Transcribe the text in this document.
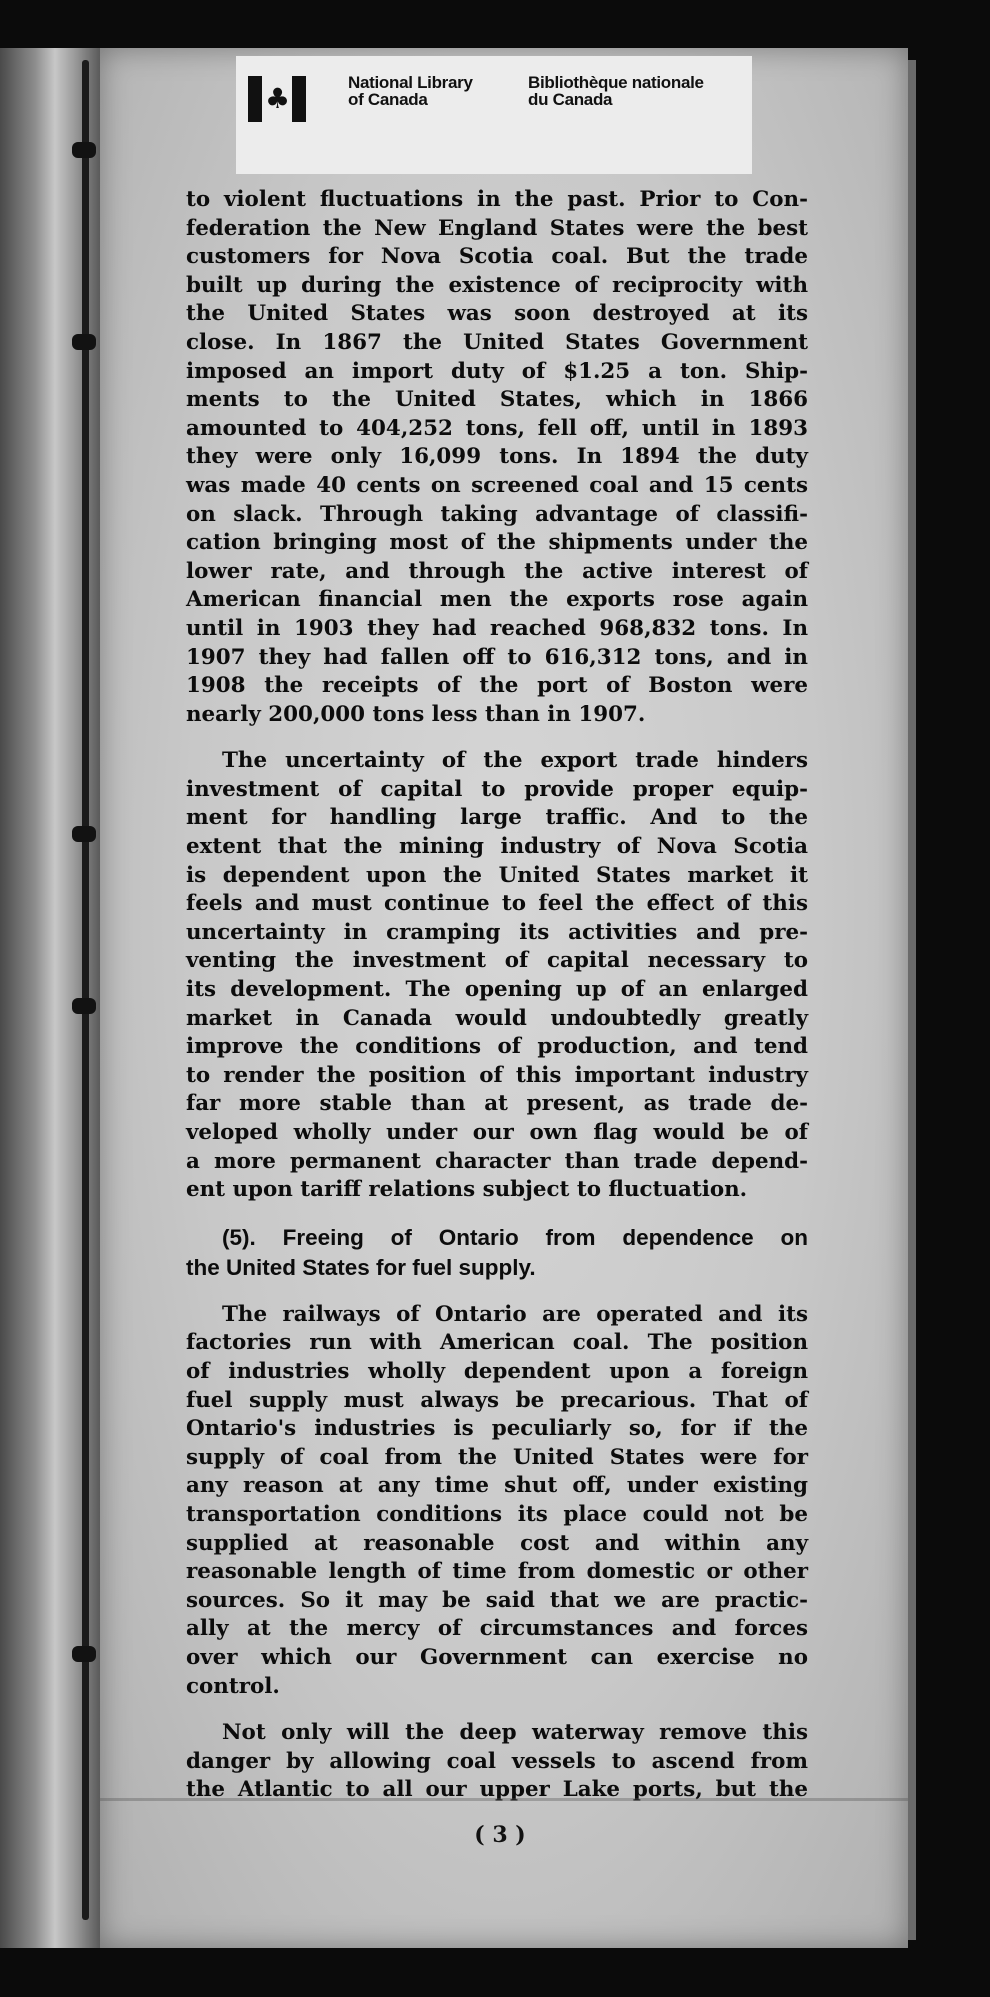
♣	National Library
of Canada
Bibliothèque nationale
du Canada
to violent fluctuations in the past. Prior to Con-
federation the New England States were the best
customers for Nova Scotia coal. But the trade
built up during the existence of reciprocity with
the United States was soon destroyed at its
close. In 1867 the United States Government
imposed an import duty of $1.25 a ton. Ship-
ments to the United States, which in 1866
amounted to 404,252 tons, fell off, until in 1893
they were only 16,099 tons. In 1894 the duty
was made 40 cents on screened coal and 15 cents
on slack. Through taking advantage of classifi-
cation bringing most of the shipments under the
lower rate, and through the active interest of
American financial men the exports rose again
until in 1903 they had reached 968,832 tons. In
1907 they had fallen off to 616,312 tons, and in
1908 the receipts of the port of Boston were
nearly 200,000 tons less than in 1907.
The uncertainty of the export trade hinders
investment of capital to provide proper equip-
ment for handling large traffic. And to the
extent that the mining industry of Nova Scotia
is dependent upon the United States market it
feels and must continue to feel the effect of this
uncertainty in cramping its activities and pre-
venting the investment of capital necessary to
its development. The opening up of an enlarged
market in Canada would undoubtedly greatly
improve the conditions of production, and tend
to render the position of this important industry
far more stable than at present, as trade de-
veloped wholly under our own flag would be of
a more permanent character than trade depend-
ent upon tariff relations subject to fluctuation.
(5). Freeing of Ontario from dependence on
the United States for fuel supply.
The railways of Ontario are operated and its
factories run with American coal. The position
of industries wholly dependent upon a foreign
fuel supply must always be precarious. That of
Ontario's industries is peculiarly so, for if the
supply of coal from the United States were for
any reason at any time shut off, under existing
transportation conditions its place could not be
supplied at reasonable cost and within any
reasonable length of time from domestic or other
sources. So it may be said that we are practic-
ally at the mercy of circumstances and forces
over which our Government can exercise no
control.
Not only will the deep waterway remove this
danger by allowing coal vessels to ascend from
the Atlantic to all our upper Lake ports, but the
( 3 )
